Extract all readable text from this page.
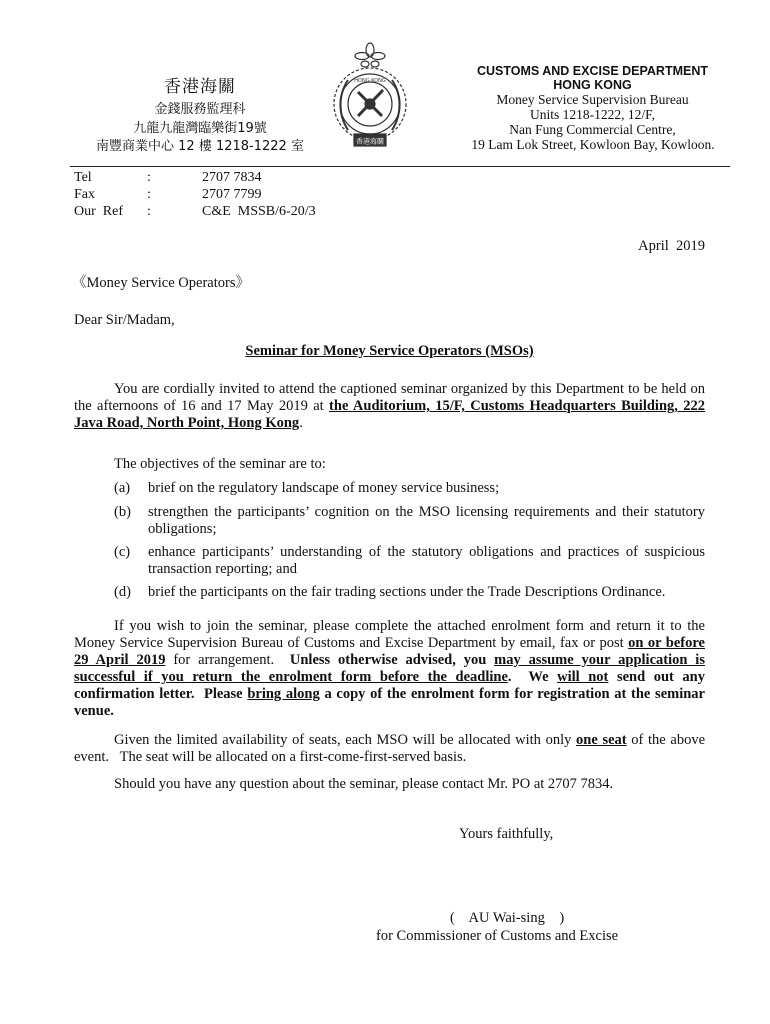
香港海關
金錢服務監理科
九龍九龍灣臨樂街19號
南豐商業中心 12 樓 1218-1222 室	香港海關
HONG KONG
CUSTOMS AND EXCISE DEPARTMENT
HONG KONG
Money Service Supervision Bureau
Units 1218-1222, 12/F,
Nan Fung Commercial Centre,
19 Lam Lok Street, Kowloon Bay, Kowloon.
Tel	:	2707 7834
Fax	:	2707 7799
Our  Ref :	C&E  MSSB/6-20/3
April  2019
《Money Service Operators》
Dear Sir/Madam,
Seminar for Money Service Operators (MSOs)
You are cordially invited to attend the captioned seminar organized by this Department to be held on the afternoons of 16 and 17 May 2019 at the Auditorium, 15/F, Customs Headquarters Building, 222 Java Road, North Point, Hong Kong.
The objectives of the seminar are to:
(a) brief on the regulatory landscape of money service business;
(b) strengthen the participants’ cognition on the MSO licensing requirements and their statutory obligations;
(c) enhance participants’ understanding of the statutory obligations and practices of suspicious transaction reporting; and
(d) brief the participants on the fair trading sections under the Trade Descriptions Ordinance.
If you wish to join the seminar, please complete the attached enrolment form and return it to the Money Service Supervision Bureau of Customs and Excise Department by email, fax or post on or before 29 April 2019 for arrangement.  Unless otherwise advised, you may assume your application is successful if you return the enrolment form before the deadline.  We will not send out any confirmation letter.  Please bring along a copy of the enrolment form for registration at the seminar venue.
Given the limited availability of seats, each MSO will be allocated with only one seat of the above event.   The seat will be allocated on a first-come-first-served basis.
Should you have any question about the seminar, please contact Mr. PO at 2707 7834.
Yours faithfully,
(    AU Wai-sing    )
for Commissioner of Customs and Excise
